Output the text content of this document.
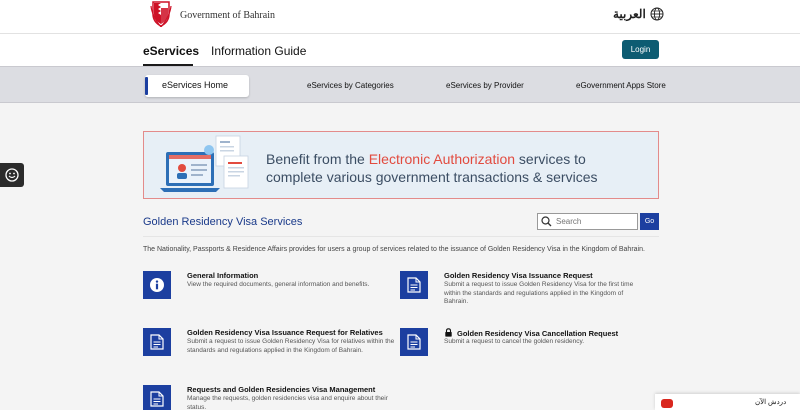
Government of Bahrain	العربية
eServices Information Guide	Login
eServices Home	eServices by Categories	eServices by Provider	eGovernment Apps Store
Benefit from the Electronic Authorization services to
complete various government transactions & services
Golden Residency Visa Services
Search	Go
The Nationality, Passports & Residence Affairs provides for users a group of services related to the issuance of Golden Residency Visa in the Kingdom of Bahrain.
General Information
View the required documents, general information and benefits.
Golden Residency Visa Issuance Request
Submit a request to issue Golden Residency Visa for the first time within the standards and regulations applied in the Kingdom of Bahrain.
Golden Residency Visa Issuance Request for Relatives
Submit a request to issue Golden Residency Visa for relatives within the standards and regulations applied in the Kingdom of Bahrain.
Golden Residency Visa Cancellation Request
Submit a request to cancel the golden residency.
Requests and Golden Residencies Visa Management
Manage the requests, golden residencies visa and enquire about their status.
دردش الآن
